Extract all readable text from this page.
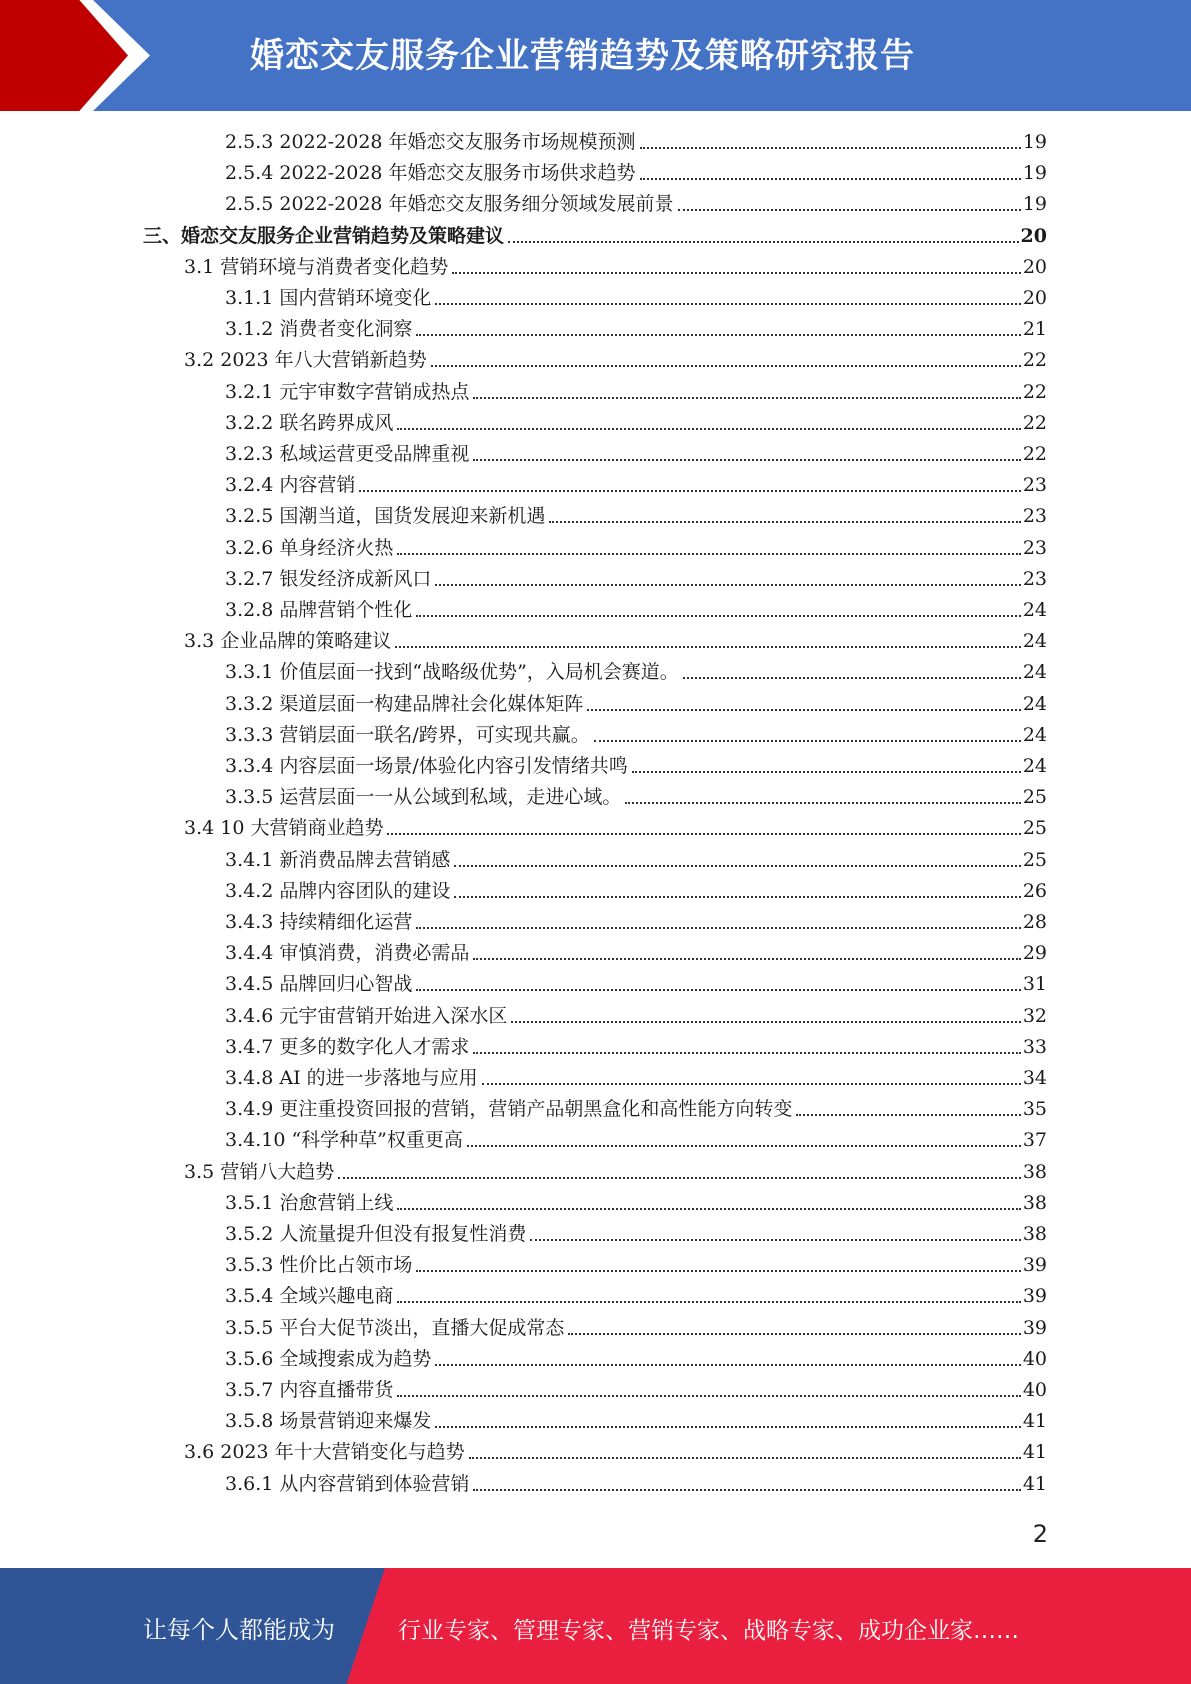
婚恋交友服务企业营销趋势及策略研究报告
2.5.3 2022-2028 年婚恋交友服务市场规模预测	19
2.5.4 2022-2028 年婚恋交友服务市场供求趋势	19
2.5.5 2022-2028 年婚恋交友服务细分领域发展前景	19
三、婚恋交友服务企业营销趋势及策略建议	20
3.1 营销环境与消费者变化趋势	20
3.1.1 国内营销环境变化	20
3.1.2 消费者变化洞察	21
3.2 2023 年八大营销新趋势	22
3.2.1 元宇审数字营销成热点	22
3.2.2 联名跨界成风	22
3.2.3 私域运营更受品牌重视	22
3.2.4 内容营销	23
3.2.5 国潮当道，国货发展迎来新机遇	23
3.2.6 单身经济火热	23
3.2.7 银发经济成新风口	23
3.2.8 品牌营销个性化	24
3.3 企业品牌的策略建议	24
3.3.1 价值层面一找到“战略级优势”，入局机会赛道。	24
3.3.2 渠道层面一构建品牌社会化媒体矩阵	24
3.3.3 营销层面一联名/跨界，可实现共赢。	24
3.3.4 内容层面一场景/体验化内容引发情绪共鸣	24
3.3.5 运营层面一一从公域到私域，走进心域。	25
3.4 10 大营销商业趋势	25
3.4.1 新消费品牌去营销感	25
3.4.2 品牌内容团队的建设	26
3.4.3 持续精细化运营	28
3.4.4 审慎消费，消费必需品	29
3.4.5 品牌回归心智战	31
3.4.6 元宇宙营销开始进入深水区	32
3.4.7 更多的数字化人才需求	33
3.4.8 AI 的进一步落地与应用	34
3.4.9 更注重投资回报的营销，营销产品朝黑盒化和高性能方向转变	35
3.4.10 “科学种草”权重更高	37
3.5 营销八大趋势	38
3.5.1 治愈营销上线	38
3.5.2 人流量提升但没有报复性消费	38
3.5.3 性价比占领市场	39
3.5.4 全域兴趣电商	39
3.5.5 平台大促节淡出，直播大促成常态	39
3.5.6 全域搜索成为趋势	40
3.5.7 内容直播带货	40
3.5.8 场景营销迎来爆发	41
3.6 2023 年十大营销变化与趋势	41
3.6.1 从内容营销到体验营销	41
2
让每个人都能成为	行业专家、管理专家、营销专家、战略专家、成功企业家……
